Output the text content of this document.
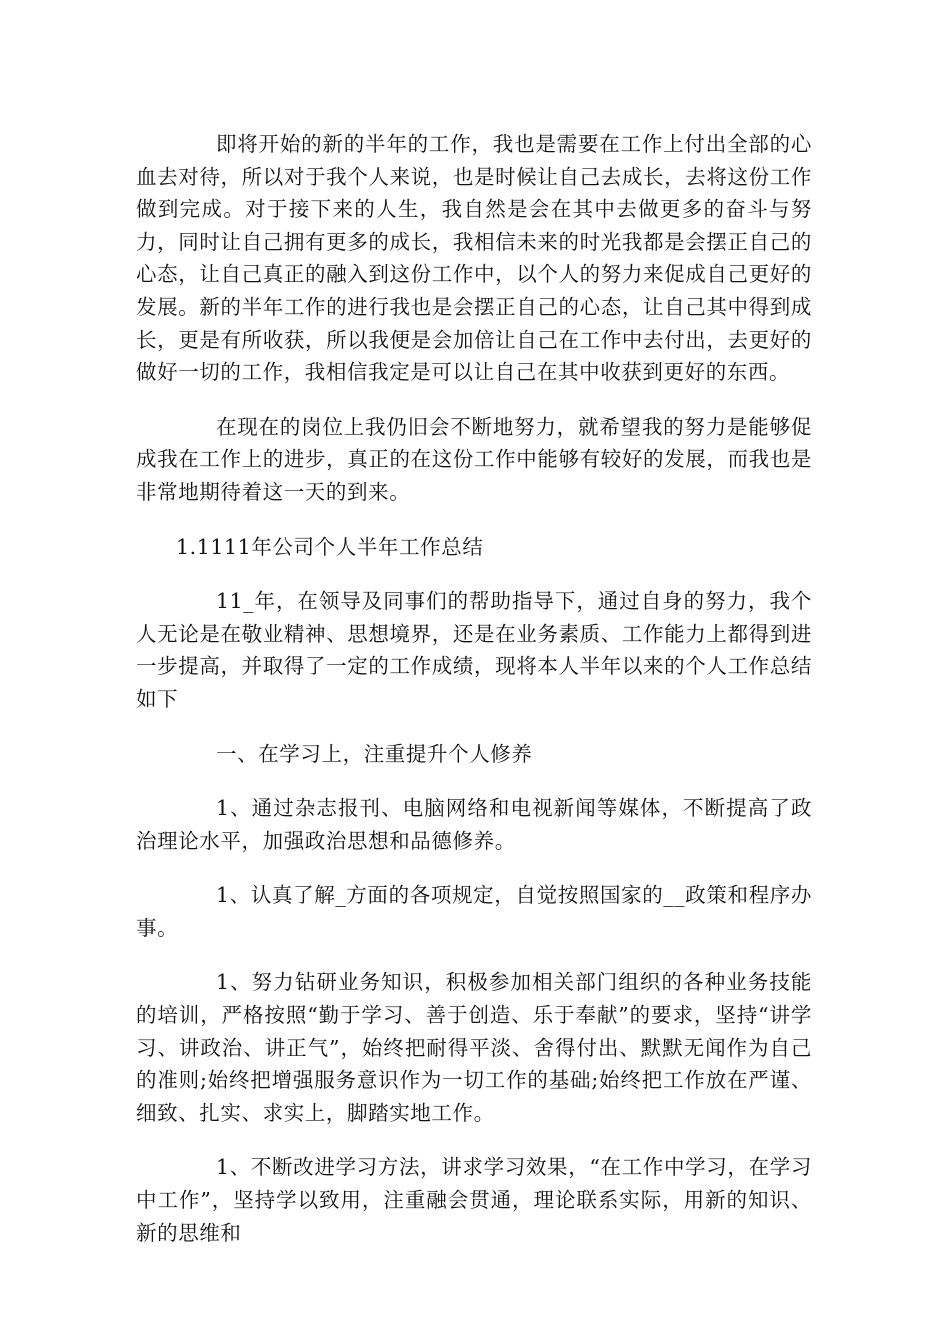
即将开始的新的半年的工作，我也是需要在工作上付出全部的心血去对待，所以对于我个人来说，也是时候让自己去成长，去将这份工作做到完成。对于接下来的人生，我自然是会在其中去做更多的奋斗与努力，同时让自己拥有更多的成长，我相信未来的时光我都是会摆正自己的心态，让自己真正的融入到这份工作中，以个人的努力来促成自己更好的发展。新的半年工作的进行我也是会摆正自己的心态，让自己其中得到成长，更是有所收获，所以我便是会加倍让自己在工作中去付出，去更好的做好一切的工作，我相信我定是可以让自己在其中收获到更好的东西。

在现在的岗位上我仍旧会不断地努力，就希望我的努力是能够促成我在工作上的进步，真正的在这份工作中能够有较好的发展，而我也是非常地期待着这一天的到来。

1.1111年公司个人半年工作总结

11_年，在领导及同事们的帮助指导下，通过自身的努力，我个人无论是在敬业精神、思想境界，还是在业务素质、工作能力上都得到进一步提高，并取得了一定的工作成绩，现将本人半年以来的个人工作总结如下

一、在学习上，注重提升个人修养

1、通过杂志报刊、电脑网络和电视新闻等媒体，不断提高了政治理论水平，加强政治思想和品德修养。

1、认真了解_方面的各项规定，自觉按照国家的__政策和程序办事。

1、努力钻研业务知识，积极参加相关部门组织的各种业务技能的培训，严格按照“勤于学习、善于创造、乐于奉献”的要求，坚持“讲学习、讲政治、讲正气”，始终把耐得平淡、舍得付出、默默无闻作为自己的准则;始终把增强服务意识作为一切工作的基础;始终把工作放在严谨、细致、扎实、求实上，脚踏实地工作。

1、不断改进学习方法，讲求学习效果，“在工作中学习，在学习中工作”，坚持学以致用，注重融会贯通，理论联系实际，用新的知识、新的思维和
